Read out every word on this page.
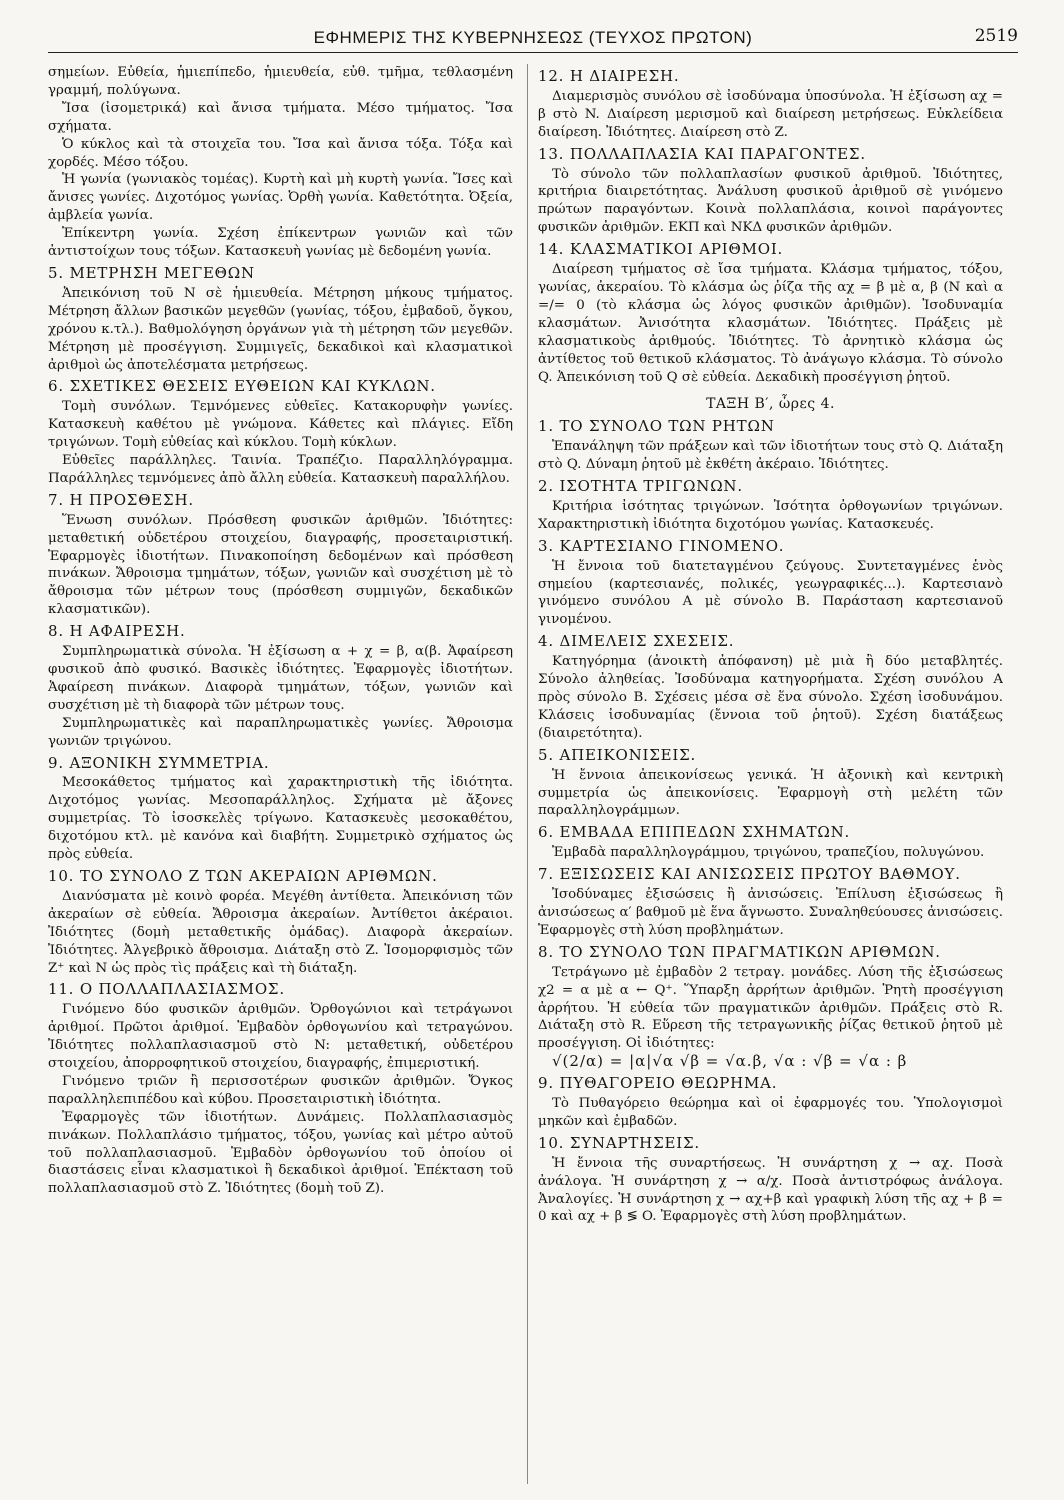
ΕΦΗΜΕΡΙΣ ΤΗΣ ΚΥΒΕΡΝΗΣΕΩΣ (ΤΕΥΧΟΣ ΠΡΩΤΟΝ)	2519

σημείων. Εὐθεία, ἡμιεπίπεδο, ἡμιευθεία, εὐθ. τμῆμα, τεθλασμένη γραμμή, πολύγωνα.

Ἴσα (ἰσομετρικά) καὶ ἄνισα τμήματα. Μέσο τμήματος. Ἴσα σχήματα.

Ὁ κύκλος καὶ τὰ στοιχεῖα του. Ἴσα καὶ ἄνισα τόξα. Τόξα καὶ χορδές. Μέσο τόξου.

Ἡ γωνία (γωνιακὸς τομέας). Κυρτὴ καὶ μὴ κυρτὴ γωνία. Ἴσες καὶ ἄνισες γωνίες. Διχοτόμος γωνίας. Ὀρθὴ γωνία. Καθετότητα. Ὀξεία, ἀμβλεία γωνία.

Ἐπίκεντρη γωνία. Σχέση ἐπίκεντρων γωνιῶν καὶ τῶν ἀντιστοίχων τους τόξων. Κατασκευὴ γωνίας μὲ δεδομένη γωνία.

5. ΜΕΤΡΗΣΗ ΜΕΓΕΘΩΝ

Ἀπεικόνιση τοῦ N σὲ ἡμιευθεία. Μέτρηση μήκους τμήματος. Μέτρηση ἄλλων βασικῶν μεγεθῶν (γωνίας, τόξου, ἐμβαδοῦ, ὄγκου, χρόνου κ.τλ.). Βαθμολόγηση ὀργάνων γιὰ τὴ μέτρηση τῶν μεγεθῶν. Μέτρηση μὲ προσέγγιση. Συμμιγεῖς, δεκαδικοὶ καὶ κλασματικοὶ ἀριθμοὶ ὡς ἀποτελέσματα μετρήσεως.

6. ΣΧΕΤΙΚΕΣ ΘΕΣΕΙΣ ΕΥΘΕΙΩΝ ΚΑΙ ΚΥΚΛΩΝ.

Τομὴ συνόλων. Τεμνόμενες εὐθεῖες. Κατακορυφὴν γωνίες. Κατασκευὴ καθέτου μὲ γνώμονα. Κάθετες καὶ πλάγιες. Εἴδη τριγώνων. Τομὴ εὐθείας καὶ κύκλου. Τομὴ κύκλων.

Εὐθεῖες παράλληλες. Ταινία. Τραπέζιο. Παραλληλόγραμμα. Παράλληλες τεμνόμενες ἀπὸ ἄλλη εὐθεία. Κατασκευὴ παραλλήλου.

7. Η ΠΡΟΣΘΕΣΗ.

Ἕνωση συνόλων. Πρόσθεση φυσικῶν ἀριθμῶν. Ἰδιότητες: μεταθετική οὐδετέρου στοιχείου, διαγραφής, προσεταιριστική. Ἐφαρμογὲς ἰδιοτήτων. Πινακοποίηση δεδομένων καὶ πρόσθεση πινάκων. Ἄθροισμα τμημάτων, τόξων, γωνιῶν καὶ συσχέτιση μὲ τὸ ἄθροισμα τῶν μέτρων τους (πρόσθεση συμμιγῶν, δεκαδικῶν κλασματικῶν).

8. Η ΑΦΑΙΡΕΣΗ.

Συμπληρωματικὰ σύνολα. Ἡ ἐξίσωση α + χ = β, α(β. Ἀφαίρεση φυσικοῦ ἀπὸ φυσικό. Βασικὲς ἰδιότητες. Ἐφαρμογὲς ἰδιοτήτων. Ἀφαίρεση πινάκων. Διαφορὰ τμημάτων, τόξων, γωνιῶν καὶ συσχέτιση μὲ τὴ διαφορὰ τῶν μέτρων τους.

Συμπληρωματικὲς καὶ παραπληρωματικὲς γωνίες. Ἄθροισμα γωνιῶν τριγώνου.

9. ΑΞΟΝΙΚΗ ΣΥΜΜΕΤΡΙΑ.

Μεσοκάθετος τμήματος καὶ χαρακτηριστικὴ τῆς ἰδιότητα. Διχοτόμος γωνίας. Μεσοπαράλληλος. Σχήματα μὲ ἄξονες συμμετρίας. Τὸ ἰσοσκελὲς τρίγωνο. Κατασκευὲς μεσοκαθέτου, διχοτόμου κτλ. μὲ κανόνα καὶ διαβήτη. Συμμετρικὸ σχήματος ὡς πρὸς εὐθεία.

10. ΤΟ ΣΥΝΟΛΟ Z ΤΩΝ ΑΚΕΡΑΙΩΝ ΑΡΙΘΜΩΝ.

Διανύσματα μὲ κοινὸ φορέα. Μεγέθη ἀντίθετα. Ἀπεικόνιση τῶν ἀκεραίων σὲ εὐθεία. Ἄθροισμα ἀκεραίων. Ἀντίθετοι ἀκέραιοι. Ἰδιότητες (δομὴ μεταθετικῆς ὁμάδας). Διαφορὰ ἀκεραίων. Ἰδιότητες. Ἀλγεβρικὸ ἄθροισμα. Διάταξη στὸ Z. Ἰσομορφισμὸς τῶν Z⁺ καὶ N ὡς πρὸς τὶς πράξεις καὶ τὴ διάταξη.

11. Ο ΠΟΛΛΑΠΛΑΣΙΑΣΜΟΣ.

Γινόμενο δύο φυσικῶν ἀριθμῶν. Ὀρθογώνιοι καὶ τετράγωνοι ἀριθμοί. Πρῶτοι ἀριθμοί. Ἐμβαδὸν ὀρθογωνίου καὶ τετραγώνου. Ἰδιότητες πολλαπλασιασμοῦ στὸ N: μεταθετική, οὐδετέρου στοιχείου, ἀπορροφητικοῦ στοιχείου, διαγραφής, ἐπιμεριστική.

Γινόμενο τριῶν ἢ περισσοτέρων φυσικῶν ἀριθμῶν. Ὄγκος παραλληλεπιπέδου καὶ κύβου. Προσεταιριστικὴ ἰδιότητα.

Ἐφαρμογὲς τῶν ἰδιοτήτων. Δυνάμεις. Πολλαπλασιασμὸς πινάκων. Πολλαπλάσιο τμήματος, τόξου, γωνίας καὶ μέτρο αὐτοῦ τοῦ πολλαπλασιασμοῦ. Ἐμβαδὸν ὀρθογωνίου τοῦ ὁποίου οἱ διαστάσεις εἶναι κλασματικοὶ ἢ δεκαδικοὶ ἀριθμοί. Ἐπέκταση τοῦ πολλαπλασιασμοῦ στὸ Z. Ἰδιότητες (δομὴ τοῦ Z).

12. Η ΔΙΑΙΡΕΣΗ.

Διαμερισμὸς συνόλου σὲ ἰσοδύναμα ὑποσύνολα. Ἡ ἐξίσωση αχ = β στὸ N. Διαίρεση μερισμοῦ καὶ διαίρεση μετρήσεως. Εὐκλείδεια διαίρεση. Ἰδιότητες. Διαίρεση στὸ Z.

13. ΠΟΛΛΑΠΛΑΣΙΑ ΚΑΙ ΠΑΡΑΓΟΝΤΕΣ.

Τὸ σύνολο τῶν πολλαπλασίων φυσικοῦ ἀριθμοῦ. Ἰδιότητες, κριτήρια διαιρετότητας. Ἀνάλυση φυσικοῦ ἀριθμοῦ σὲ γινόμενο πρώτων παραγόντων. Κοινὰ πολλαπλάσια, κοινοὶ παράγοντες φυσικῶν ἀριθμῶν. ΕΚΠ καὶ ΝΚΔ φυσικῶν ἀριθμῶν.

14. ΚΛΑΣΜΑΤΙΚΟΙ ΑΡΙΘΜΟΙ.

Διαίρεση τμήματος σὲ ἴσα τμήματα. Κλάσμα τμήματος, τόξου, γωνίας, ἀκεραίου. Τὸ κλάσμα ὡς ῥίζα τῆς αχ = β μὲ α, β (N καὶ α =/= 0 (τὸ κλάσμα ὡς λόγος φυσικῶν ἀριθμῶν). Ἰσοδυναμία κλασμάτων. Ἀνισότητα κλασμάτων. Ἰδιότητες. Πράξεις μὲ κλασματικοὺς ἀριθμούς. Ἰδιότητες. Τὸ ἀρνητικὸ κλάσμα ὡς ἀντίθετος τοῦ θετικοῦ κλάσματος. Τὸ ἀνάγωγο κλάσμα. Τὸ σύνολο Q. Ἀπεικόνιση τοῦ Q σὲ εὐθεία. Δεκαδικὴ προσέγγιση ῥητοῦ.

ΤΑΞΗ Β′, ὧρες 4.
1. ΤΟ ΣΥΝΟΛΟ ΤΩΝ ΡΗΤΩΝ

Ἐπανάληψη τῶν πράξεων καὶ τῶν ἰδιοτήτων τους στὸ Q. Διάταξη στὸ Q. Δύναμη ῥητοῦ μὲ ἐκθέτη ἀκέραιο. Ἰδιότητες.

2. ΙΣΟΤΗΤΑ ΤΡΙΓΩΝΩΝ.

Κριτήρια ἰσότητας τριγώνων. Ἰσότητα ὀρθογωνίων τριγώνων. Χαρακτηριστικὴ ἰδιότητα διχοτόμου γωνίας. Κατασκευές.

3. ΚΑΡΤΕΣΙΑΝΟ ΓΙΝΟΜΕΝΟ.

Ἡ ἔννοια τοῦ διατεταγμένου ζεύγους. Συντεταγμένες ἑνὸς σημείου (καρτεσιανές, πολικές, γεωγραφικές...). Καρτεσιανὸ γινόμενο συνόλου A μὲ σύνολο B. Παράσταση καρτεσιανοῦ γινομένου.

4. ΔΙΜΕΛΕΙΣ ΣΧΕΣΕΙΣ.

Κατηγόρημα (ἀνοικτὴ ἀπόφανση) μὲ μιὰ ἢ δύο μεταβλητές. Σύνολο ἀληθείας. Ἰσοδύναμα κατηγορήματα. Σχέση συνόλου A πρὸς σύνολο B. Σχέσεις μέσα σὲ ἕνα σύνολο. Σχέση ἰσοδυνάμου. Κλάσεις ἰσοδυναμίας (ἔννοια τοῦ ῥητοῦ). Σχέση διατάξεως (διαιρετότητα).

5. ΑΠΕΙΚΟΝΙΣΕΙΣ.

Ἡ ἔννοια ἀπεικονίσεως γενικά. Ἡ ἀξονικὴ καὶ κεντρικὴ συμμετρία ὡς ἀπεικονίσεις. Ἐφαρμογὴ στὴ μελέτη τῶν παραλληλογράμμων.

6. ΕΜΒΑΔΑ ΕΠΙΠΕΔΩΝ ΣΧΗΜΑΤΩΝ.

Ἐμβαδὰ παραλληλογράμμου, τριγώνου, τραπεζίου, πολυγώνου.

7. ΕΞΙΣΩΣΕΙΣ ΚΑΙ ΑΝΙΣΩΣΕΙΣ ΠΡΩΤΟΥ ΒΑΘΜΟΥ.

Ἰσοδύναμες ἐξισώσεις ἢ ἀνισώσεις. Ἐπίλυση ἐξισώσεως ἢ ἀνισώσεως α′ βαθμοῦ μὲ ἕνα ἄγνωστο. Συναληθεύουσες ἀνισώσεις. Ἐφαρμογὲς στὴ λύση προβλημάτων.

8. ΤΟ ΣΥΝΟΛΟ ΤΩΝ ΠΡΑΓΜΑΤΙΚΩΝ ΑΡΙΘΜΩΝ.

Τετράγωνο μὲ ἐμβαδὸν 2 τετραγ. μονάδες. Λύση τῆς ἐξισώσεως χ2 = α μὲ α ← Q⁺. Ὕπαρξη ἀρρήτων ἀριθμῶν. Ῥητὴ προσέγγιση ἀρρήτου. Ἡ εὐθεία τῶν πραγματικῶν ἀριθμῶν. Πράξεις στὸ R. Διάταξη στὸ R. Εὕρεση τῆς τετραγωνικῆς ῥίζας θετικοῦ ῥητοῦ μὲ προσέγγιση. Οἱ ἰδιότητες:

√(2/α) = |α|√α √β = √α.β, √α : √β = √α : β

9. ΠΥΘΑΓΟΡΕΙΟ ΘΕΩΡΗΜΑ.

Τὸ Πυθαγόρειο θεώρημα καὶ οἱ ἐφαρμογές του. Ὑπολογισμοὶ μηκῶν καὶ ἐμβαδῶν.

10. ΣΥΝΑΡΤΗΣΕΙΣ.

Ἡ ἔννοια τῆς συναρτήσεως. Ἡ συνάρτηση χ → αχ. Ποσὰ ἀνάλογα. Ἡ συνάρτηση χ → α/χ. Ποσὰ ἀντιστρόφως ἀνάλογα. Ἀναλογίες. Ἡ συνάρτηση χ → αχ+β καὶ γραφικὴ λύση τῆς αχ + β = 0 καὶ αχ + β ≶ O. Ἐφαρμογὲς στὴ λύση προβλημάτων.
